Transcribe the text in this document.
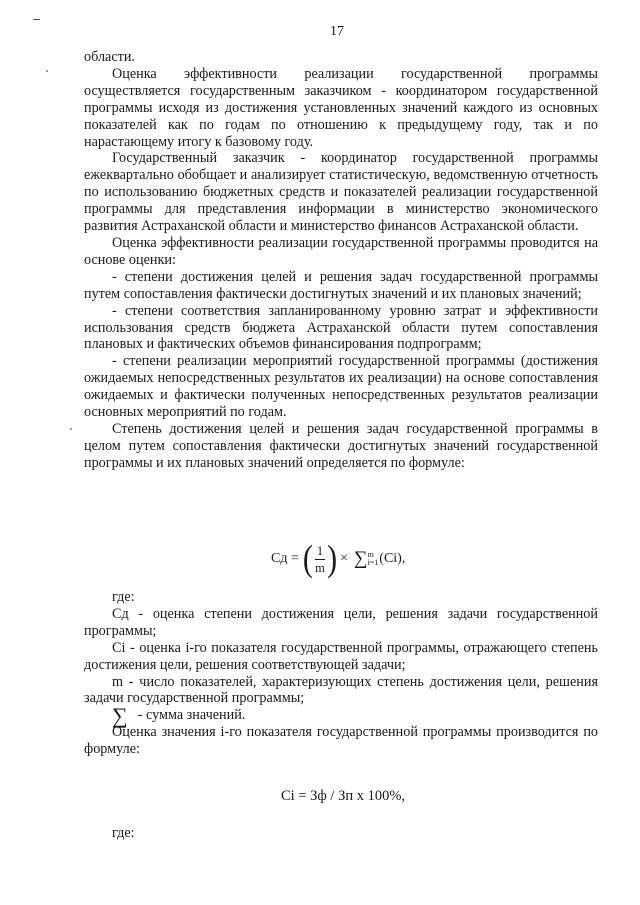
17

области.

Оценка эффективности реализации государственной программы осуществляется государственным заказчиком - координатором государственной программы исходя из достижения установленных значений каждого из основных показателей как по годам по отношению к предыдущему году, так и по нарастающему итогу к базовому году.

Государственный заказчик - координатор государственной программы ежеквартально обобщает и анализирует статистическую, ведомственную отчетность по использованию бюджетных средств и показателей реализации государственной программы для представления информации в министерство экономического развития Астраханской области и министерство финансов Астраханской области.

Оценка эффективности реализации государственной программы проводится на основе оценки:

- степени достижения целей и решения задач государственной программы путем сопоставления фактически достигнутых значений и их плановых значений;

- степени соответствия запланированному уровню затрат и эффективности использования средств бюджета Астраханской области путем сопоставления плановых и фактических объемов финансирования подпрограмм;

- степени реализации мероприятий государственной программы (достижения ожидаемых непосредственных результатов их реализации) на основе сопоставления ожидаемых и фактически полученных непосредственных результатов реализации основных мероприятий по годам.

Степень достижения целей и решения задач государственной программы в целом путем сопоставления фактически достигнутых значений государственной программы и их плановых значений определяется по формуле:

Сд = ( $\frac{1}{m}$ ) × ∑ m
i=1 (Ci),

где:

Сд - оценка степени достижения цели, решения задачи государственной программы;

Ci - оценка i-го показателя государственной программы, отражающего степень достижения цели, решения соответствующей задачи;

m - число показателей, характеризующих степень достижения цели, решения задачи государственной программы;

∑ - сумма значений.

Оценка значения i-го показателя государственной программы производится по формуле:

Ci = Зф / Зп x 100%,
где:
